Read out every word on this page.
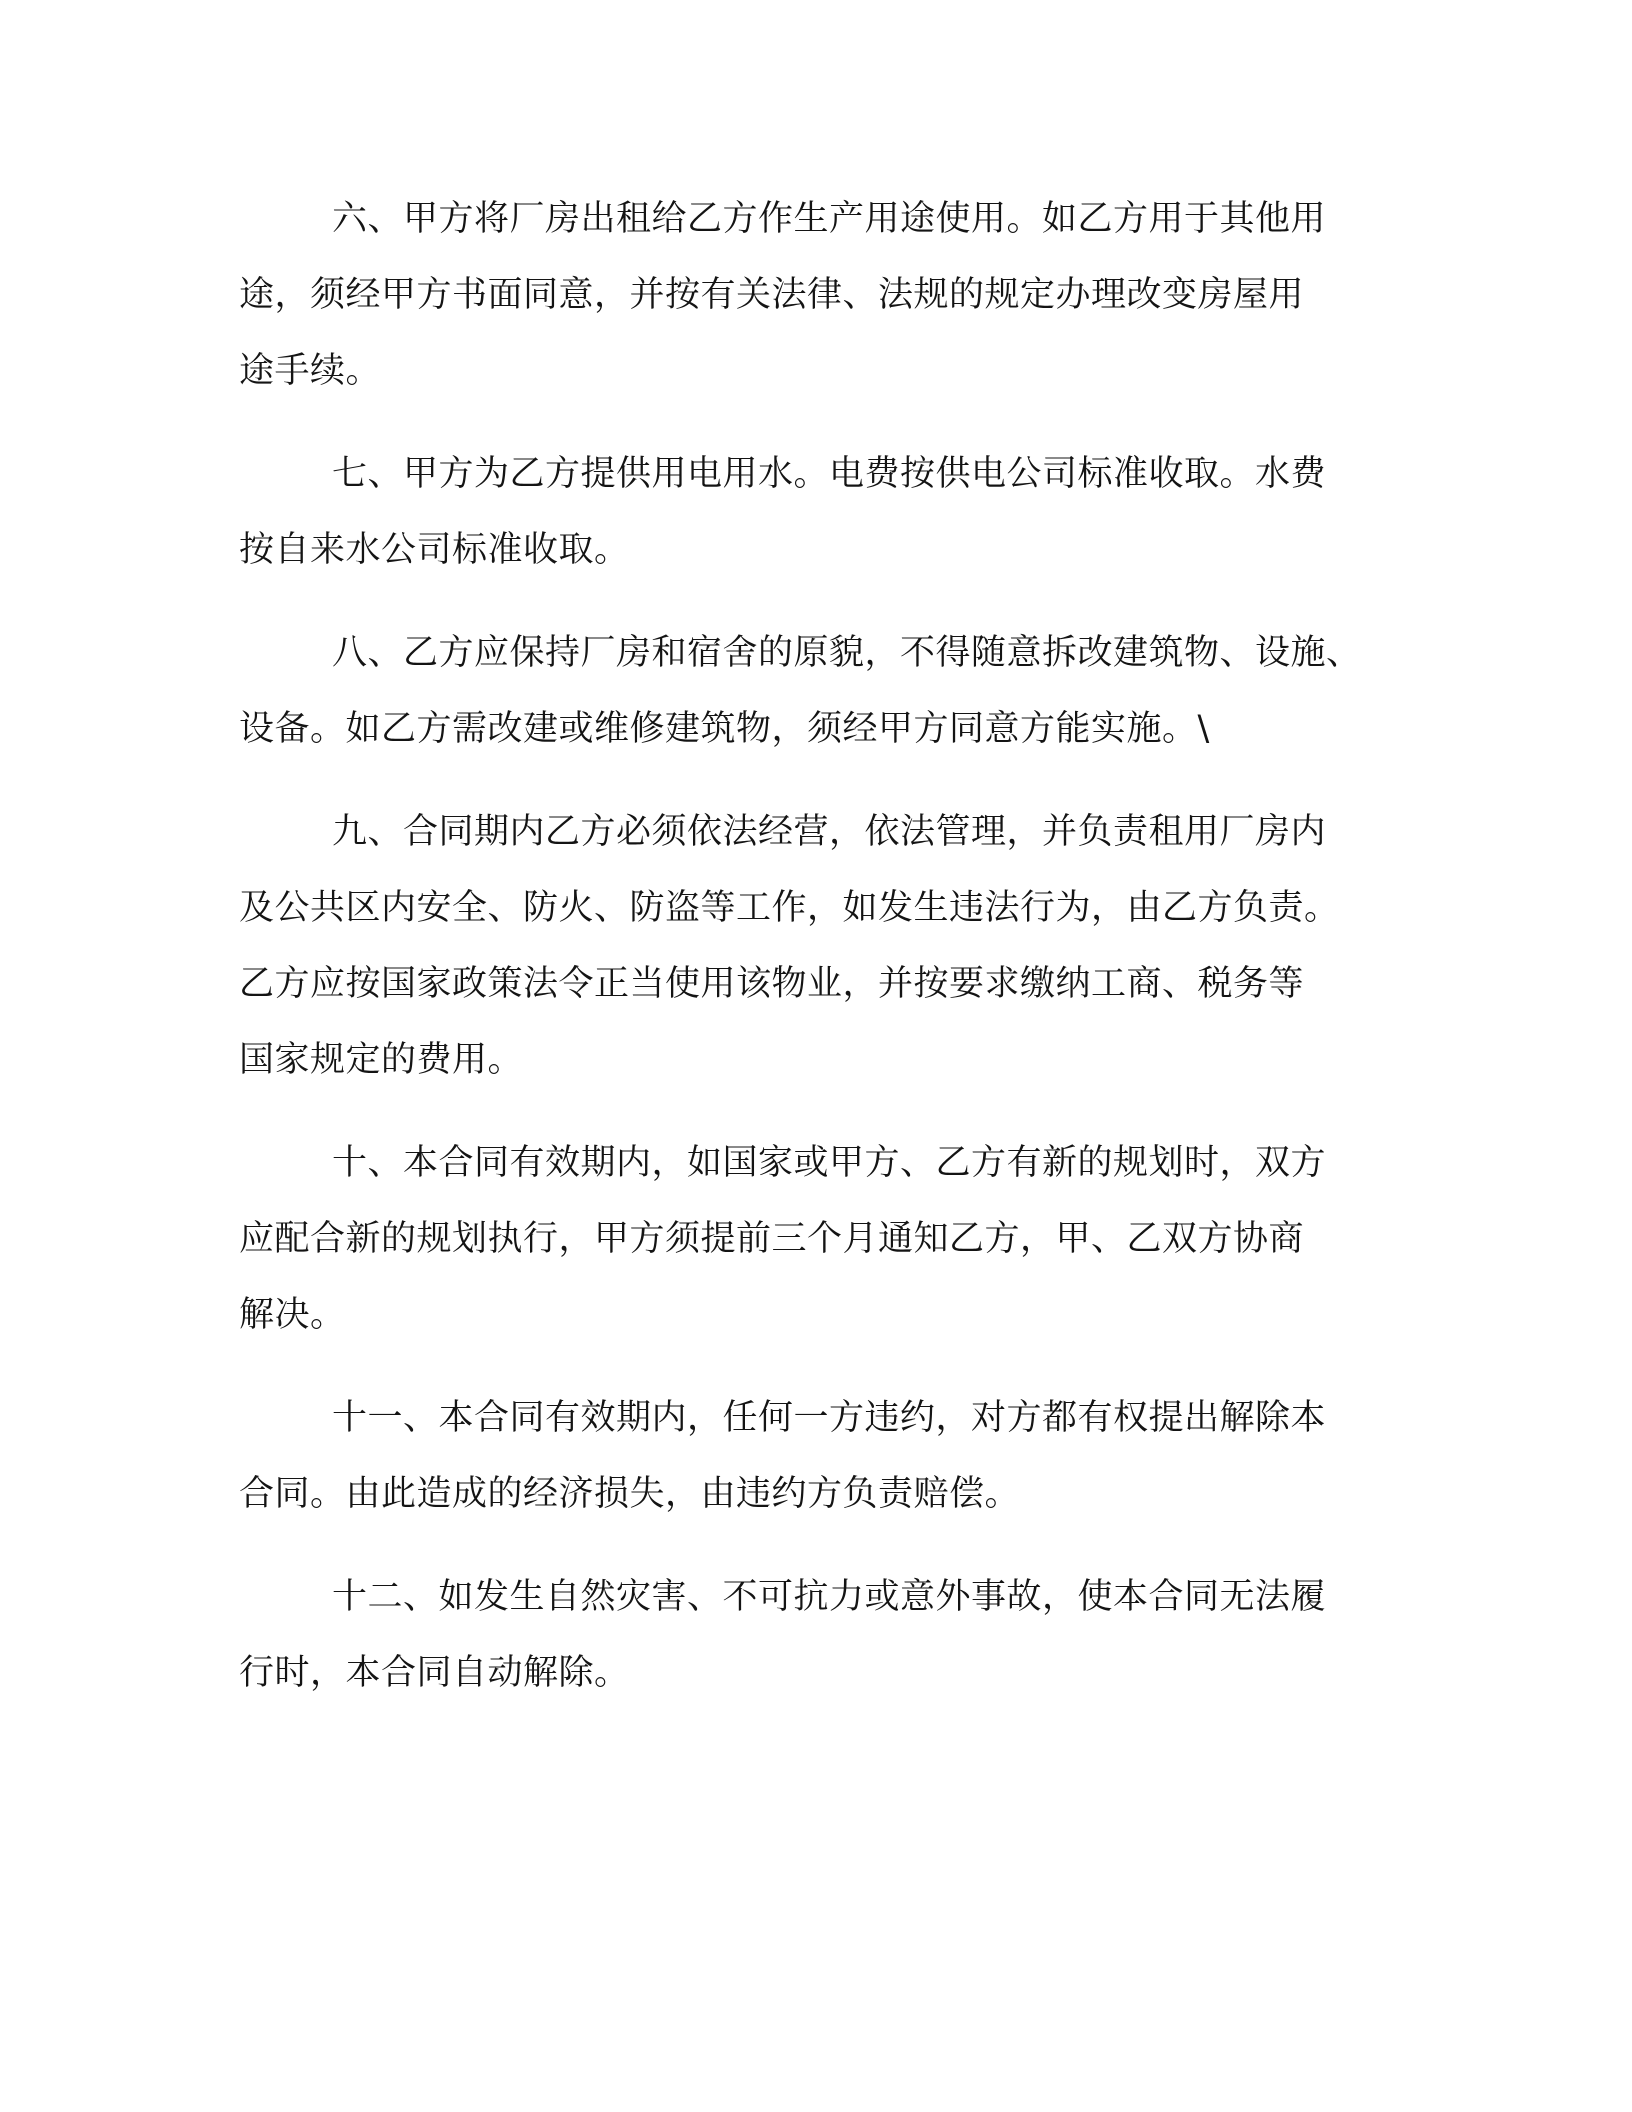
六、甲方将厂房出租给乙方作生产用途使用。如乙方用于其他用

途，须经甲方书面同意，并按有关法律、法规的规定办理改变房屋用

途手续。

七、甲方为乙方提供用电用水。电费按供电公司标准收取。水费

按自来水公司标准收取。

八、乙方应保持厂房和宿舍的原貌，不得随意拆改建筑物、设施、

设备。如乙方需改建或维修建筑物，须经甲方同意方能实施。\

九、合同期内乙方必须依法经营，依法管理，并负责租用厂房内

及公共区内安全、防火、防盗等工作，如发生违法行为，由乙方负责。

乙方应按国家政策法令正当使用该物业，并按要求缴纳工商、税务等

国家规定的费用。

十、本合同有效期内，如国家或甲方、乙方有新的规划时，双方

应配合新的规划执行，甲方须提前三个月通知乙方，甲、乙双方协商

解决。

十一、本合同有效期内，任何一方违约，对方都有权提出解除本

合同。由此造成的经济损失，由违约方负责赔偿。

十二、如发生自然灾害、不可抗力或意外事故，使本合同无法履

行时，本合同自动解除。
